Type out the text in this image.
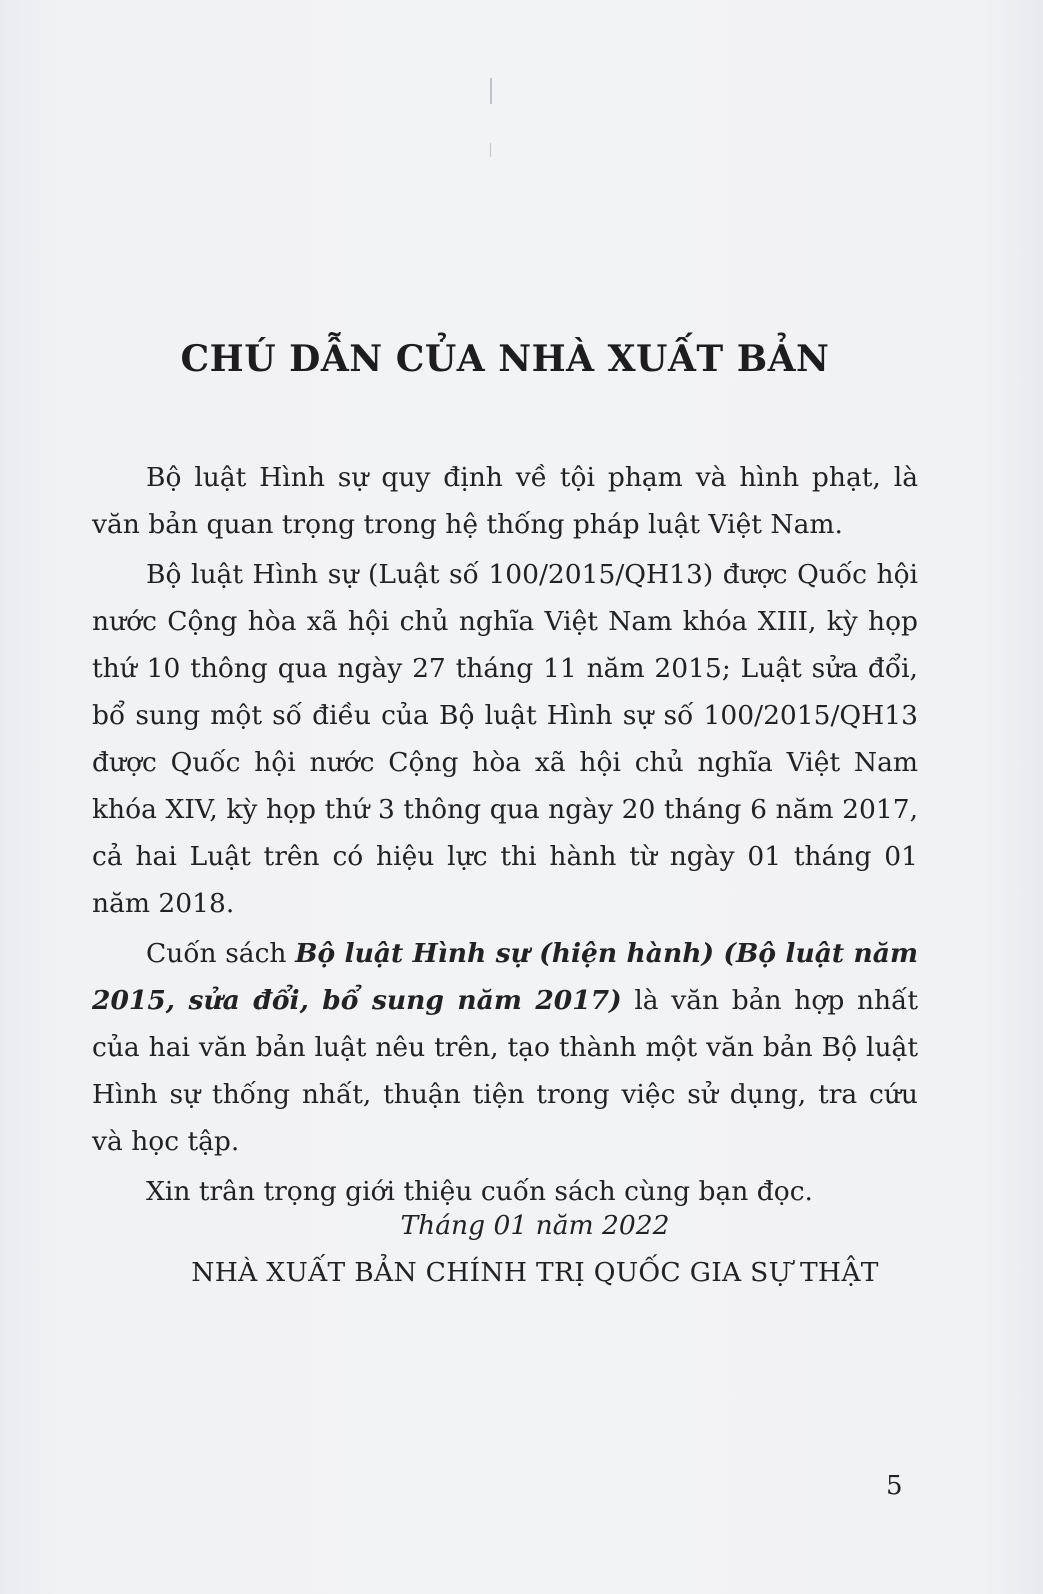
CHÚ DẪN CỦA NHÀ XUẤT BẢN

Bộ luật Hình sự quy định về tội phạm và hình phạt, là văn bản quan trọng trong hệ thống pháp luật Việt Nam.

Bộ luật Hình sự (Luật số 100/2015/QH13) được Quốc hội nước Cộng hòa xã hội chủ nghĩa Việt Nam khóa XIII, kỳ họp thứ 10 thông qua ngày 27 tháng 11 năm 2015; Luật sửa đổi, bổ sung một số điều của Bộ luật Hình sự số 100/2015/QH13 được Quốc hội nước Cộng hòa xã hội chủ nghĩa Việt Nam khóa XIV, kỳ họp thứ 3 thông qua ngày 20 tháng 6 năm 2017, cả hai Luật trên có hiệu lực thi hành từ ngày 01 tháng 01 năm 2018.

Cuốn sách Bộ luật Hình sự (hiện hành) (Bộ luật năm 2015, sửa đổi, bổ sung năm 2017) là văn bản hợp nhất của hai văn bản luật nêu trên, tạo thành một văn bản Bộ luật Hình sự thống nhất, thuận tiện trong việc sử dụng, tra cứu và học tập.

Xin trân trọng giới thiệu cuốn sách cùng bạn đọc.

Tháng 01 năm 2022
NHÀ XUẤT BẢN CHÍNH TRỊ QUỐC GIA SỰ THẬT
5
